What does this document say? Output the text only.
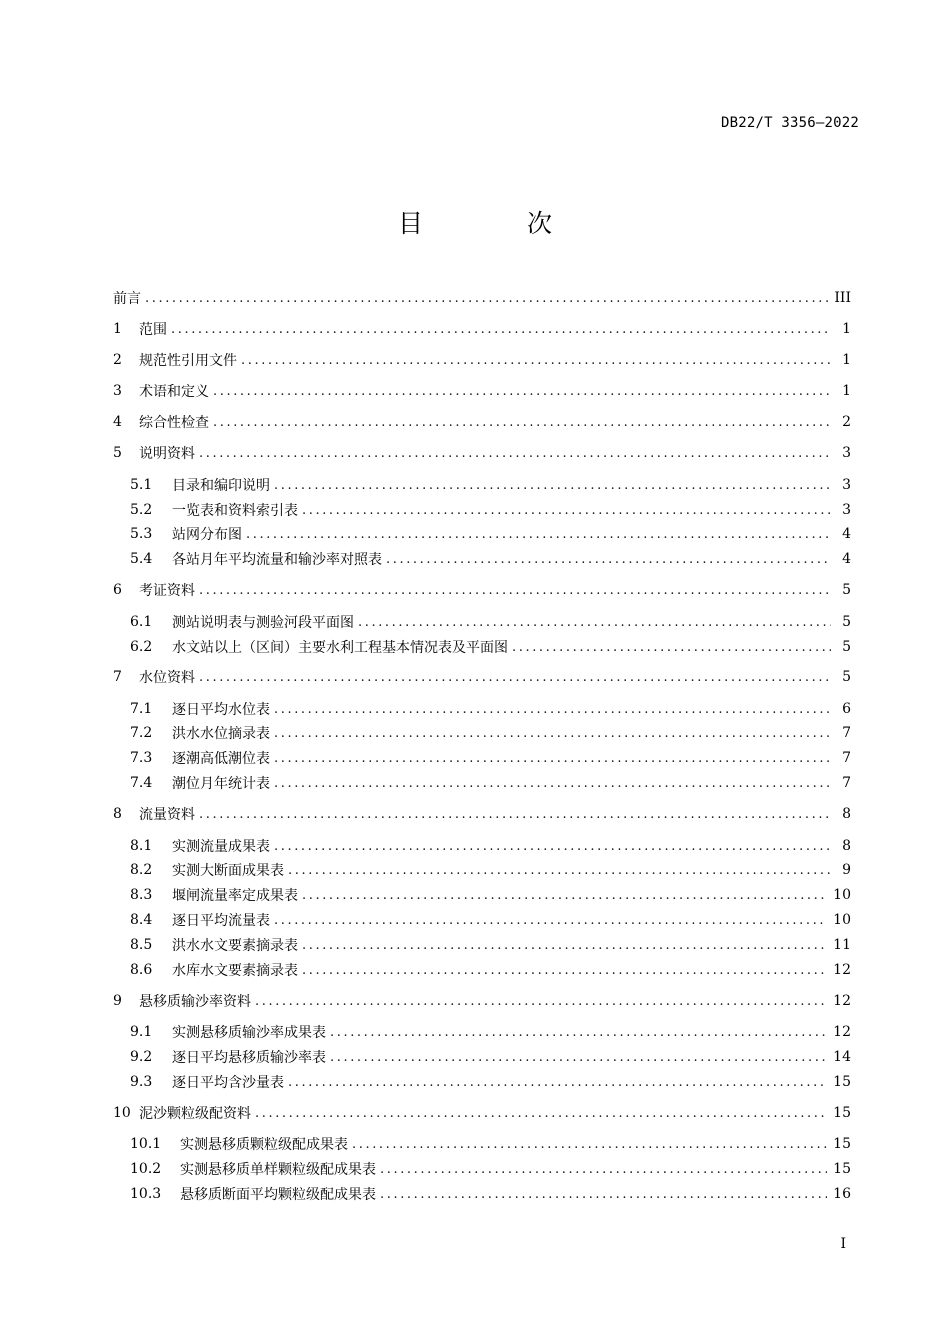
DB22/T 3356—2022
目 次
前言 .....	III
1	范围 .....	1
2	规范性引用文件 .....	1
3	术语和定义 .....	1
4	综合性检查 .....	2
5	说明资料 .....	3
5.1	目录和编印说明 .....	3
5.2	一览表和资料索引表 .....	3
5.3	站网分布图 .....	4
5.4	各站月年平均流量和输沙率对照表 .....	4
6	考证资料 .....	5
6.1	测站说明表与测验河段平面图 .....	5
6.2	水文站以上（区间）主要水利工程基本情况表及平面图 .....	5
7	水位资料 .....	5
7.1	逐日平均水位表 .....	6
7.2	洪水水位摘录表 .....	7
7.3	逐潮高低潮位表 .....	7
7.4	潮位月年统计表 .....	7
8	流量资料 .....	8
8.1	实测流量成果表 .....	8
8.2	实测大断面成果表 .....	9
8.3	堰闸流量率定成果表 .....	10
8.4	逐日平均流量表 .....	10
8.5	洪水水文要素摘录表 .....	11
8.6	水库水文要素摘录表 .....	12
9	悬移质输沙率资料 .....	12
9.1	实测悬移质输沙率成果表 .....	12
9.2	逐日平均悬移质输沙率表 .....	14
9.3	逐日平均含沙量表 .....	15
10 泥沙颗粒级配资料 .....	15
10.1	实测悬移质颗粒级配成果表 .....	15
10.2	实测悬移质单样颗粒级配成果表 .....	15
10.3	悬移质断面平均颗粒级配成果表 .....	16
I
